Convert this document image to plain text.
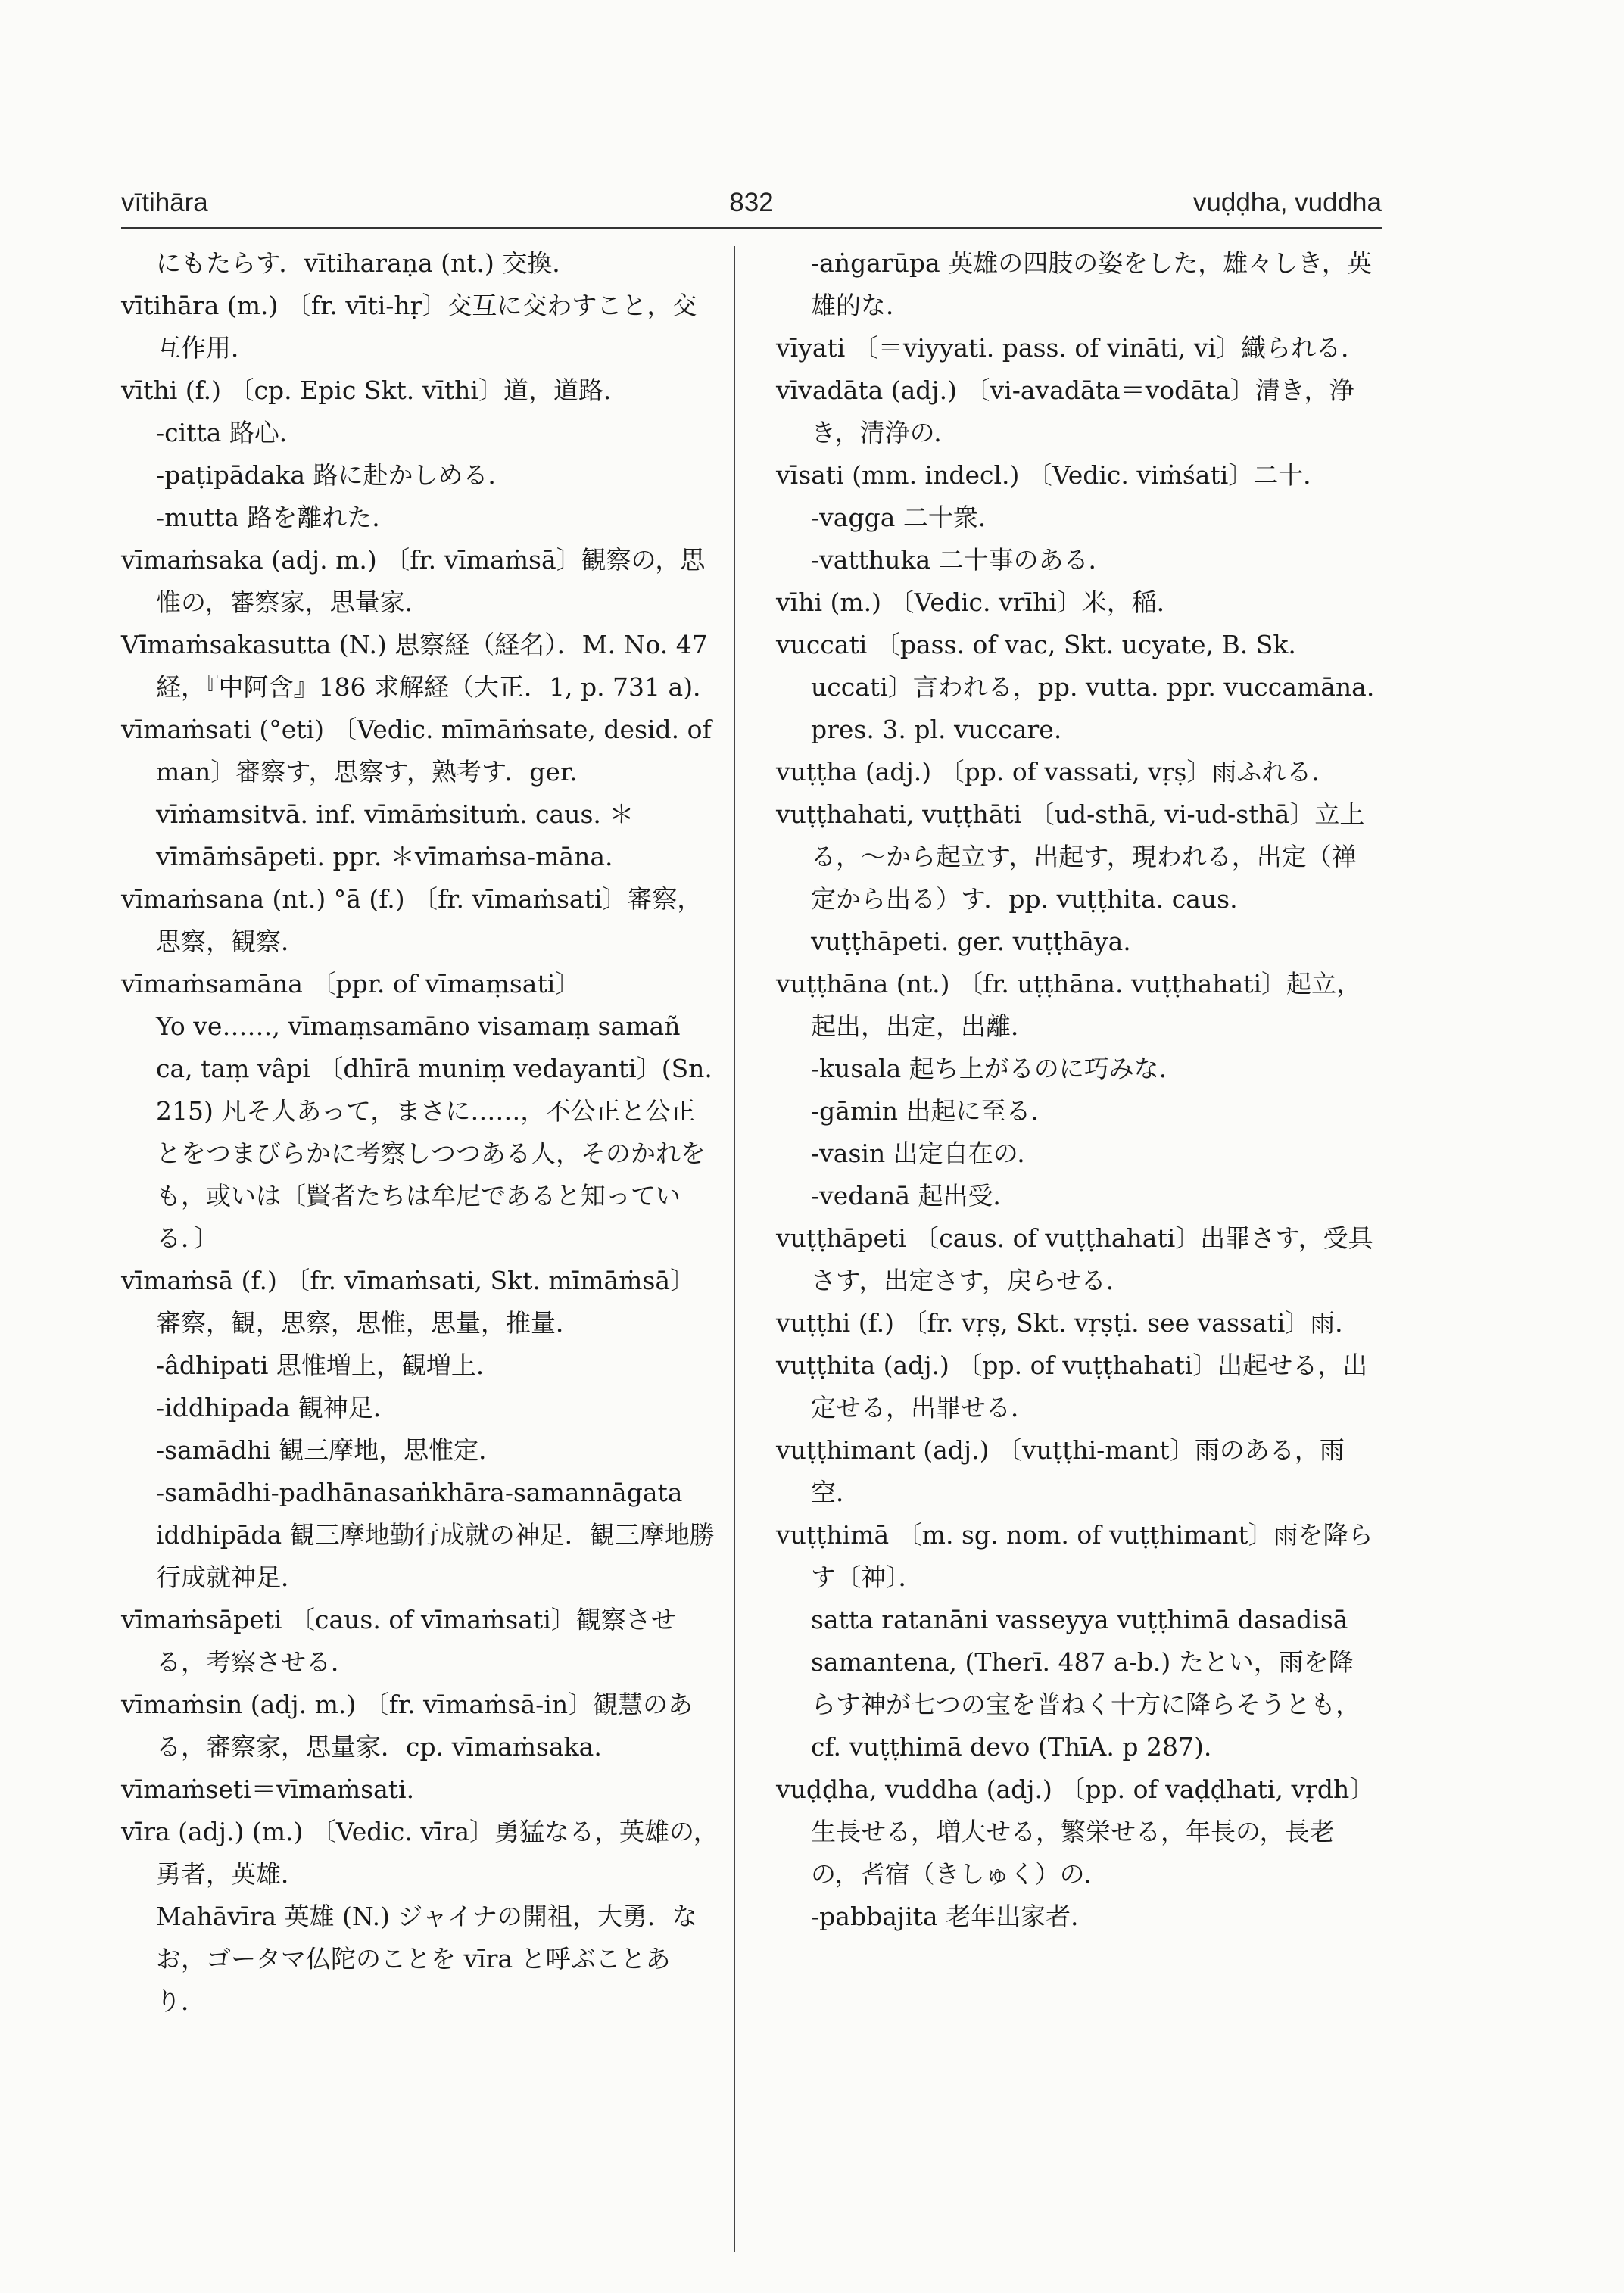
vītihāra	832	vuḍḍha, vuddha

にもたらす．vītiharaṇa (nt.) 交換．

vītihāra (m.) 〔fr. vīti-hṛ〕交互に交わすこと，交互作用．

vīthi (f.) 〔cp. Epic Skt. vīthi〕道，道路．

-citta 路心．

-paṭipādaka 路に赴かしめる．

-mutta 路を離れた．

vīmaṁsaka (adj. m.) 〔fr. vīmaṁsā〕観察の，思惟の，審察家，思量家．

Vīmaṁsakasutta (N.) 思察経（経名）．M. No. 47 経，『中阿含』186 求解経（大正．1, p. 731 a)．

vīmaṁsati (°eti) 〔Vedic. mīmāṁsate, desid. of man〕審察す，思察す，熟考す．ger. vīṁamsitvā. inf. vīmāṁsituṁ. caus. ＊vīmāṁsāpeti. ppr. ＊vīmaṁsa-māna.

vīmaṁsana (nt.) °ā (f.) 〔fr. vīmaṁsati〕審察，思察，観察．

vīmaṁsamāna 〔ppr. of vīmaṃsati〕

Yo ve……, vīmaṃsamāno visamaṃ samañ ca, taṃ vâpi 〔dhīrā muniṃ vedayanti〕(Sn. 215) 凡そ人あって，まさに……，不公正と公正とをつまびらかに考察しつつある人，そのかれをも，或いは〔賢者たちは牟尼であると知っている．〕

vīmaṁsā (f.) 〔fr. vīmaṁsati, Skt. mīmāṁsā〕審察，観，思察，思惟，思量，推量．

-âdhipati 思惟増上，観増上．

-iddhipada 観神足．

-samādhi 観三摩地，思惟定．

-samādhi-padhānasaṅkhāra-samannāgata iddhipāda 観三摩地勤行成就の神足．観三摩地勝行成就神足．

vīmaṁsāpeti 〔caus. of vīmaṁsati〕観察させる，考察させる．

vīmaṁsin (adj. m.) 〔fr. vīmaṁsā-in〕観慧のある，審察家，思量家．cp. vīmaṁsaka.

vīmaṁseti＝vīmaṁsati.

vīra (adj.) (m.) 〔Vedic. vīra〕勇猛なる，英雄の，勇者，英雄．

Mahāvīra 英雄 (N.) ジャイナの開祖，大勇．なお，ゴータマ仏陀のことを vīra と呼ぶことあり．

-aṅgarūpa 英雄の四肢の姿をした，雄々しき，英雄的な．

vīyati 〔＝viyyati. pass. of vināti, vi〕織られる．

vīvadāta (adj.) 〔vi-avadāta＝vodāta〕清き，浄き，清浄の．

vīsati (mm. indecl.) 〔Vedic. viṁśati〕二十．

-vagga 二十衆．

-vatthuka 二十事のある．

vīhi (m.) 〔Vedic. vrīhi〕米，稲．

vuccati 〔pass. of vac, Skt. ucyate, B. Sk. uccati〕言われる，pp. vutta. ppr. vuccamāna. pres. 3. pl. vuccare.

vuṭṭha (adj.) 〔pp. of vassati, vṛṣ〕雨ふれる．

vuṭṭhahati, vuṭṭhāti 〔ud-sthā, vi-ud-sthā〕立上る，～から起立す，出起す，現われる，出定（禅定から出る）す．pp. vuṭṭhita. caus. vuṭṭhāpeti. ger. vuṭṭhāya.

vuṭṭhāna (nt.) 〔fr. uṭṭhāna. vuṭṭhahati〕起立，起出，出定，出離．

-kusala 起ち上がるのに巧みな．

-gāmin 出起に至る．

-vasin 出定自在の．

-vedanā 起出受．

vuṭṭhāpeti 〔caus. of vuṭṭhahati〕出罪さす，受具さす，出定さす，戻らせる．

vuṭṭhi (f.) 〔fr. vṛṣ, Skt. vṛṣṭi. see vassati〕雨．

vuṭṭhita (adj.) 〔pp. of vuṭṭhahati〕出起せる，出定せる，出罪せる．

vuṭṭhimant (adj.) 〔vuṭṭhi-mant〕雨のある，雨空．

vuṭṭhimā 〔m. sg. nom. of vuṭṭhimant〕雨を降らす〔神〕．

satta ratanāni vasseyya vuṭṭhimā dasadisā samantena, (Therī. 487 a-b.) たとい，雨を降らす神が七つの宝を普ねく十方に降らそうとも，

cf. vuṭṭhimā devo (ThīA. p 287).

vuḍḍha, vuddha (adj.) 〔pp. of vaḍḍhati, vṛdh〕生長せる，増大せる，繁栄せる，年長の，長老の，耆宿（きしゅく）の．

-pabbajita 老年出家者．
